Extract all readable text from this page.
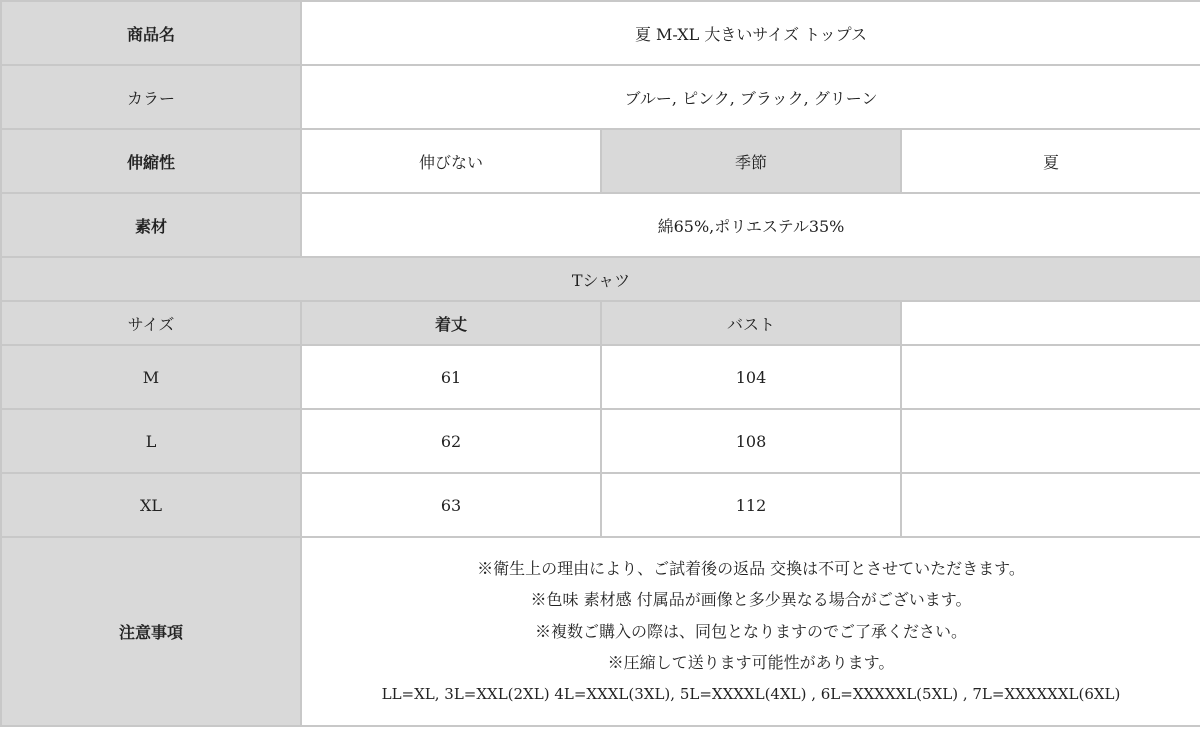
商品名	夏 M-XL 大きいサイズ トップス		
カラー	ブルー, ピンク, ブラック, グリーン		
伸縮性	伸びない	季節	夏
素材	綿65%,ポリエステル35%		
Tシャツ			
サイズ	着丈	バスト	
M	61	104	
L	62	108	
XL	63	112	
注意事項	※衛生上の理由により、ご試着後の返品 交換は不可とさせていただきます。
※色味 素材感 付属品が画像と多少異なる場合がございます。
※複数ご購入の際は、同包となりますのでご了承ください。
※圧縮して送ります可能性があります。
LL=XL, 3L=XXL(2XL) 4L=XXXL(3XL), 5L=XXXXL(4XL) , 6L=XXXXXL(5XL) , 7L=XXXXXXL(6XL)		
